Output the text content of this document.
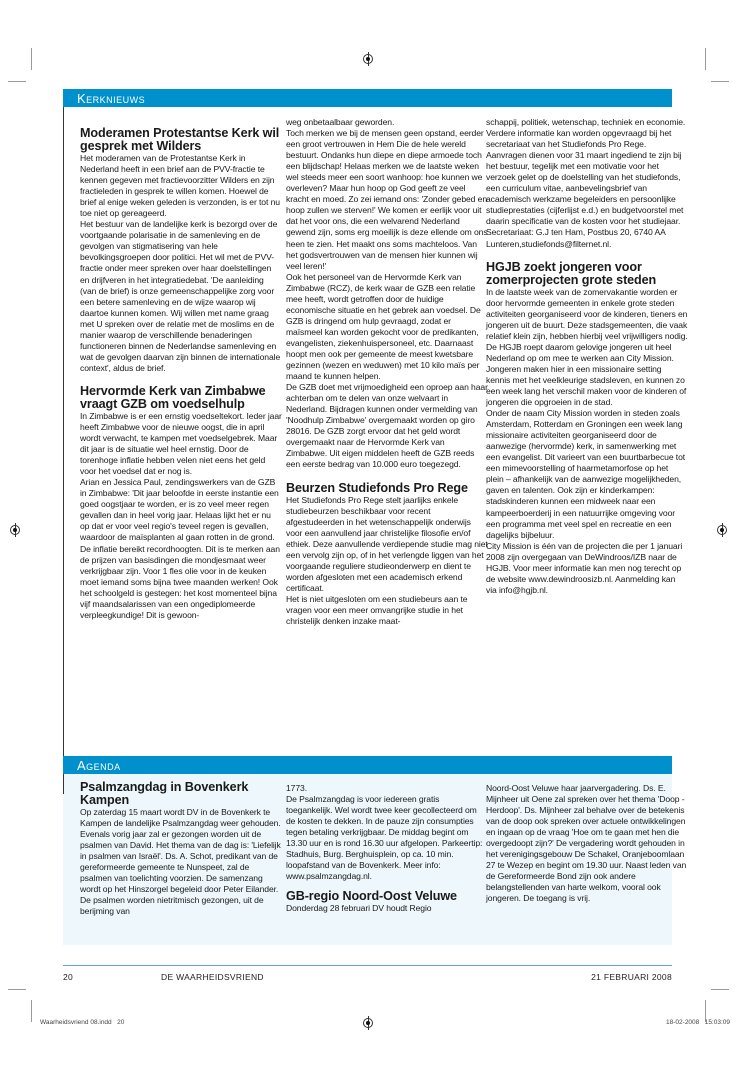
Kerknieuws
Moderamen Protestantse Kerk wil gesprek met Wilders

Het moderamen van de Protestantse Kerk in Nederland heeft in een brief aan de PVV-fractie te kennen gegeven met fractievoorzitter Wilders en zijn fractieleden in gesprek te willen komen. Hoewel de brief al enige weken geleden is verzonden, is er tot nu toe niet op gereageerd.

Het bestuur van de landelijke kerk is bezorgd over de voortgaande polarisatie in de samenleving en de gevolgen van stigmatisering van hele bevolkingsgroepen door politici. Het wil met de PVV-fractie onder meer spreken over haar doelstellingen en drijfveren in het integratiedebat. 'De aanleiding (van de brief) is onze gemeenschappelijke zorg voor een betere samenleving en de wijze waarop wij daartoe kunnen komen. Wij willen met name graag met U spreken over de relatie met de moslims en de manier waarop de verschillende benaderingen functioneren binnen de Nederlandse samenleving en wat de gevolgen daarvan zijn binnen de internationale context', aldus de brief.

Hervormde Kerk van Zimbabwe vraagt GZB om voedselhulp

In Zimbabwe is er een ernstig voedseltekort. Ieder jaar heeft Zimbabwe voor de nieuwe oogst, die in april wordt verwacht, te kampen met voedselgebrek. Maar dit jaar is de situatie wel heel ernstig. Door de torenhoge inflatie hebben velen niet eens het geld voor het voedsel dat er nog is.

Arian en Jessica Paul, zendingswerkers van de GZB in Zimbabwe: 'Dit jaar beloofde in eerste instantie een goed oogstjaar te worden, er is zo veel meer regen gevallen dan in heel vorig jaar. Helaas lijkt het er nu op dat er voor veel regio's teveel regen is gevallen, waardoor de maïsplanten al gaan rotten in de grond.

De inflatie bereikt recordhoogten. Dit is te merken aan de prijzen van basisdingen die mondjesmaat weer verkrijgbaar zijn. Voor 1 fles olie voor in de keuken moet iemand soms bijna twee maanden werken! Ook het schoolgeld is gestegen: het kost momenteel bijna vijf maandsalarissen van een ongediplomeerde verpleegkundige! Dit is gewoon-

weg onbetaalbaar geworden.

Toch merken we bij de mensen geen opstand, eerder een groot vertrouwen in Hem Die de hele wereld bestuurt. Ondanks hun diepe en diepe armoede toch een blijdschap! Helaas merken we de laatste weken wel steeds meer een soort wanhoop: hoe kunnen we overleven? Maar hun hoop op God geeft ze veel kracht en moed. Zo zei iemand ons: 'Zonder gebed en hoop zullen we sterven!' We komen er eerlijk voor uit dat het voor ons, die een welvarend Nederland gewend zijn, soms erg moeilijk is deze ellende om ons heen te zien. Het maakt ons soms machteloos. Van het godsvertrouwen van de mensen hier kunnen wij veel leren!'

Ook het personeel van de Hervormde Kerk van Zimbabwe (RCZ), de kerk waar de GZB een relatie mee heeft, wordt getroffen door de huidige economische situatie en het gebrek aan voedsel. De GZB is dringend om hulp gevraagd, zodat er maïsmeel kan worden gekocht voor de predikanten, evangelisten, ziekenhuispersoneel, etc. Daarnaast hoopt men ook per gemeente de meest kwetsbare gezinnen (wezen en weduwen) met 10 kilo maïs per maand te kunnen helpen.

De GZB doet met vrijmoedigheid een oproep aan haar achterban om te delen van onze welvaart in Nederland. Bijdragen kunnen onder vermelding van 'Noodhulp Zimbabwe' overgemaakt worden op giro 28016. De GZB zorgt ervoor dat het geld wordt overgemaakt naar de Hervormde Kerk van Zimbabwe. Uit eigen middelen heeft de GZB reeds een eerste bedrag van 10.000 euro toegezegd.

Beurzen Studiefonds Pro Rege

Het Studiefonds Pro Rege stelt jaarlijks enkele studiebeurzen beschikbaar voor recent afgestudeerden in het wetenschappelijk onderwijs voor een aanvullend jaar christelijke filosofie en/of ethiek. Deze aanvullende verdiepende studie mag niet een vervolg zijn op, of in het verlengde liggen van het voorgaande reguliere studieonderwerp en dient te worden afgesloten met een academisch erkend certificaat.

Het is niet uitgesloten om een studiebeurs aan te vragen voor een meer omvangrijke studie in het christelijk denken inzake maat-

schappij, politiek, wetenschap, techniek en economie.

Verdere informatie kan worden opgevraagd bij het secretariaat van het Studiefonds Pro Rege. Aanvragen dienen voor 31 maart ingediend te zijn bij het bestuur, tegelijk met een motivatie voor het verzoek gelet op de doelstelling van het studiefonds, een curriculum vitae, aanbevelingsbrief van academisch werkzame begeleiders en persoonlijke studieprestaties (cijferlijst e.d.) en budgetvoorstel met daarin specificatie van de kosten voor het studiejaar. Secretariaat: G.J ten Ham, Postbus 20, 6740 AA Lunteren,studiefonds@filternet.nl.

HGJB zoekt jongeren voor zomerprojecten grote steden

In de laatste week van de zomervakantie worden er door hervormde gemeenten in enkele grote steden activiteiten georganiseerd voor de kinderen, tieners en jongeren uit de buurt. Deze stadsgemeenten, die vaak relatief klein zijn, hebben hierbij veel vrijwilligers nodig. De HGJB roept daarom gelovige jongeren uit heel Nederland op om mee te werken aan City Mission. Jongeren maken hier in een missionaire setting kennis met het veelkleurige stadsleven, en kunnen zo een week lang het verschil maken voor de kinderen of jongeren die opgroeien in de stad.

Onder de naam City Mission worden in steden zoals Amsterdam, Rotterdam en Groningen een week lang missionaire activiteiten georganiseerd door de aanwezige (hervormde) kerk, in samenwerking met een evangelist. Dit varieert van een buurtbarbecue tot een mimevoorstelling of haarmetamorfose op het plein – afhankelijk van de aanwezige mogelijkheden, gaven en talenten. Ook zijn er kinderkampen: stadskinderen kunnen een midweek naar een kampeerboerderij in een natuurrijke omgeving voor een programma met veel spel en recreatie en een dagelijks bijbeluur.

City Mission is één van de projecten die per 1 januari 2008 zijn overgegaan van DeWindroos/IZB naar de HGJB. Voor meer informatie kan men nog terecht op de website www.dewindroosizb.nl. Aanmelding kan via info@hgjb.nl.

Agenda
Psalmzangdag in Bovenkerk Kampen

Op zaterdag 15 maart wordt DV in de Bovenkerk te Kampen de landelijke Psalmzangdag weer gehouden. Evenals vorig jaar zal er gezongen worden uit de psalmen van David. Het thema van de dag is: 'Liefelijk in psalmen van Israël'. Ds. A. Schot, predikant van de gereformeerde gemeente te Nunspeet, zal de psalmen van toelichting voorzien. De samenzang wordt op het Hinszorgel begeleid door Peter Eilander. De psalmen worden nietritmisch gezongen, uit de berijming van

1773.

De Psalmzangdag is voor iedereen gratis toegankelijk. Wel wordt twee keer gecollecteerd om de kosten te dekken. In de pauze zijn consumpties tegen betaling verkrijgbaar. De middag begint om 13.30 uur en is rond 16.30 uur afgelopen. Parkeertip: Stadhuis, Burg. Berghuisplein, op ca. 10 min. loopafstand van de Bovenkerk. Meer info: www.psalmzangdag.nl.

GB-regio Noord-Oost Veluwe

Donderdag 28 februari DV houdt Regio

Noord-Oost Veluwe haar jaarvergadering. Ds. E. Mijnheer uit Oene zal spreken over het thema 'Doop - Herdoop'. Ds. Mijnheer zal behalve over de betekenis van de doop ook spreken over actuele ontwikkelingen en ingaan op de vraag 'Hoe om te gaan met hen die overgedoopt zijn?' De vergadering wordt gehouden in het verenigingsgebouw De Schakel, Oranjeboomlaan 27 te Wezep en begint om 19.30 uur. Naast leden van de Gereformeerde Bond zijn ook andere belangstellenden van harte welkom, vooral ook jongeren. De toegang is vrij.

20	DE WAARHEIDSVRIEND	21 FEBRUARI 2008
Waarheidsvriend 08.indd   20	18-02-2008   15:03:09
